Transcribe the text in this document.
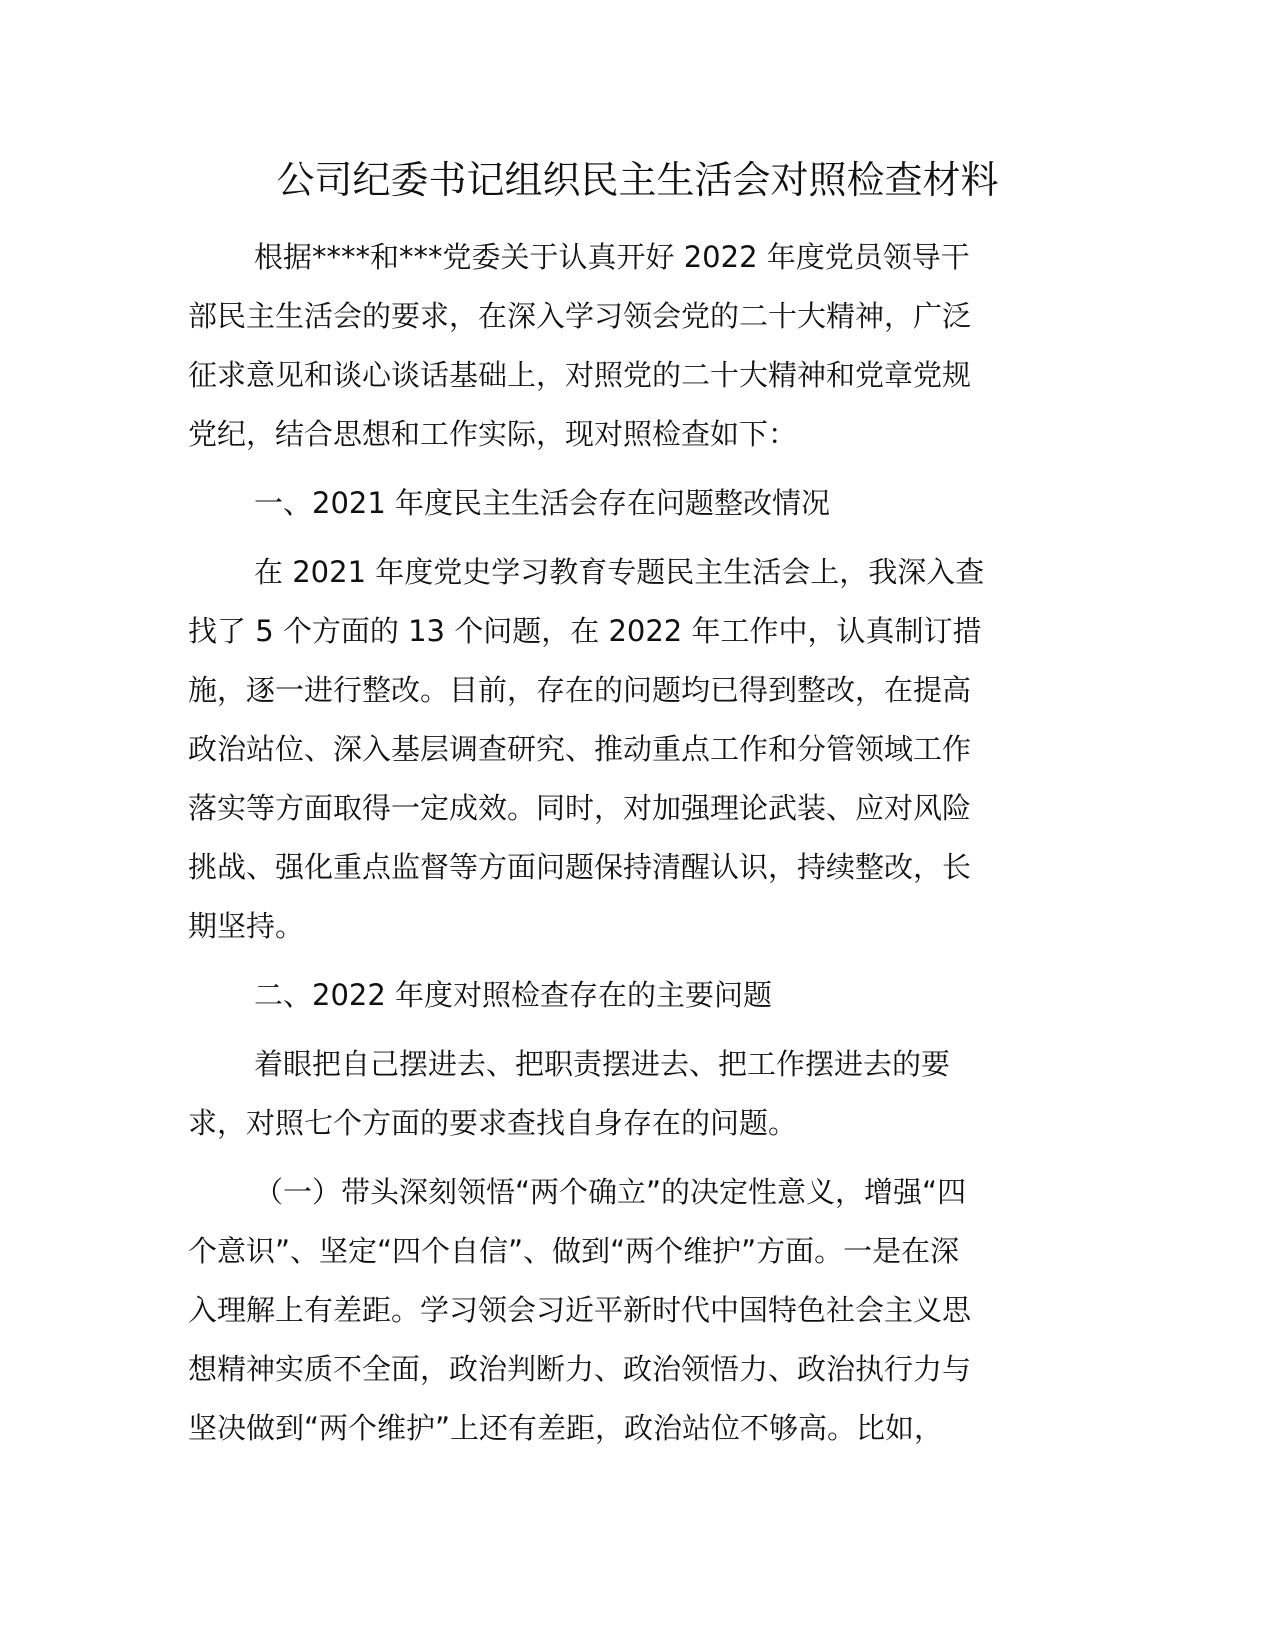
公司纪委书记组织民主生活会对照检查材料
根据****和***党委关于认真开好 2022 年度党员领导干
部民主生活会的要求，在深入学习领会党的二十大精神，广泛
征求意见和谈心谈话基础上，对照党的二十大精神和党章党规
党纪，结合思想和工作实际，现对照检查如下：
一、2021 年度民主生活会存在问题整改情况
在 2021 年度党史学习教育专题民主生活会上，我深入查
找了 5 个方面的 13 个问题，在 2022 年工作中，认真制订措
施，逐一进行整改。目前，存在的问题均已得到整改，在提高
政治站位、深入基层调查研究、推动重点工作和分管领域工作
落实等方面取得一定成效。同时，对加强理论武装、应对风险
挑战、强化重点监督等方面问题保持清醒认识，持续整改，长
期坚持。
二、2022 年度对照检查存在的主要问题
着眼把自己摆进去、把职责摆进去、把工作摆进去的要
求，对照七个方面的要求查找自身存在的问题。
（一）带头深刻领悟“两个确立”的决定性意义，增强“四
个意识”、坚定“四个自信”、做到“两个维护”方面。一是在深
入理解上有差距。学习领会习近平新时代中国特色社会主义思
想精神实质不全面，政治判断力、政治领悟力、政治执行力与
坚决做到“两个维护”上还有差距，政治站位不够高。比如，
